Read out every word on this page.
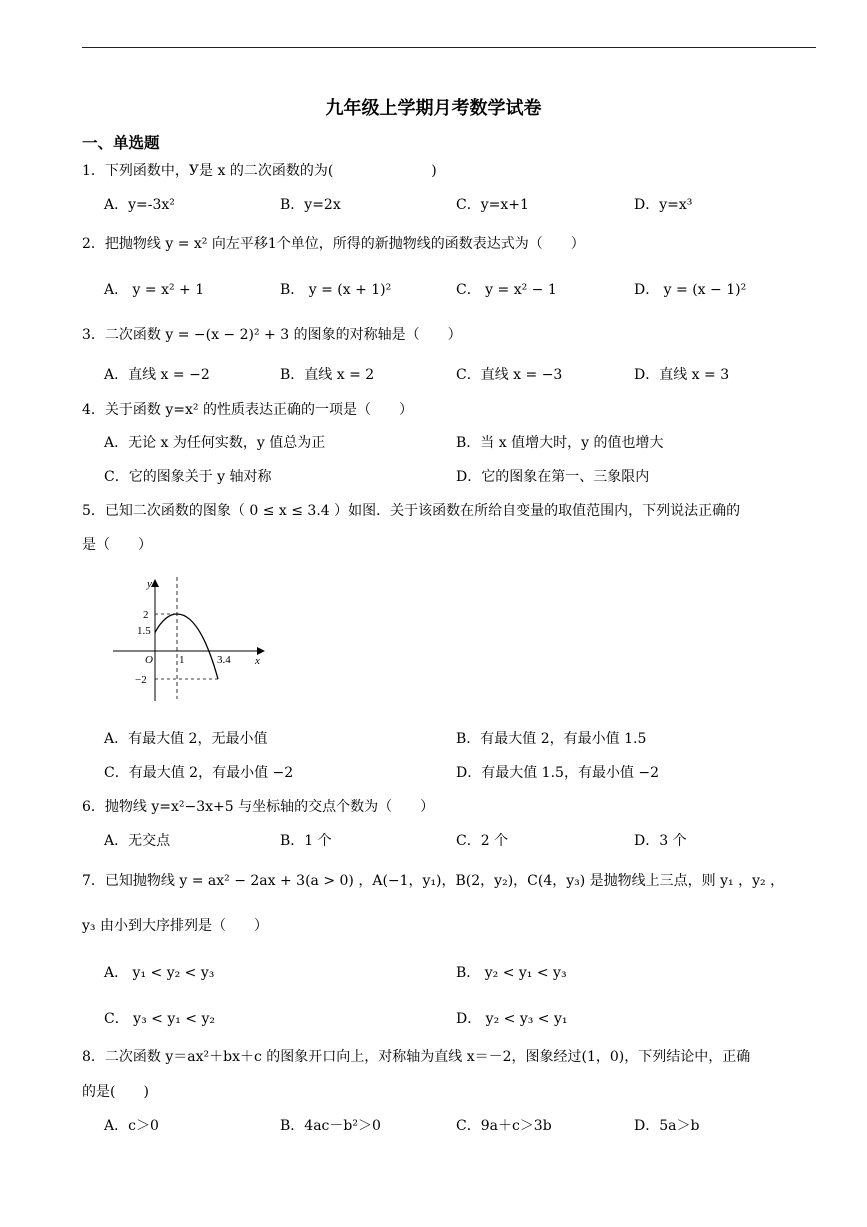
九年级上学期月考数学试卷
一、单选题
1．下列函数中，У是 x 的二次函数的为(　　　　　　　)
A．y=-3x²	B．y=2x	C．y=x+1	D．y=x³
2．把抛物线 y = x² 向左平移1个单位，所得的新抛物线的函数表达式为（　　）
A． y = x² + 1	B． y = (x + 1)²	C． y = x² − 1	D． y = (x − 1)²
3．二次函数 y = −(x − 2)² + 3 的图象的对称轴是（　　）
A．直线 x = −2	B．直线 x = 2	C．直线 x = −3	D．直线 x = 3
4．关于函数 y=x² 的性质表达正确的一项是（　　）
A．无论 x 为任何实数，y 值总为正	B．当 x 值增大时，y 的值也增大
C．它的图象关于 y 轴对称	D．它的图象在第一、三象限内
5．已知二次函数的图象（ 0 ≤ x ≤ 3.4 ）如图．关于该函数在所给自变量的取值范围内，下列说法正确的
是（　　）
y
x
O
2
1.5
1	3.4
−2
A．有最大值 2，无最小值	B．有最大值 2，有最小值 1.5
C．有最大值 2，有最小值 −2	D．有最大值 1.5，有最小值 −2
6．抛物线 y=x²−3x+5 与坐标轴的交点个数为（　　）
A．无交点	B．1 个	C．2 个	D．3 个
7．已知抛物线 y = ax² − 2ax + 3(a > 0) ，A(−1，y₁)，B(2，y₂)，C(4，y₃) 是抛物线上三点，则 y₁ ，y₂ ，
y₃ 由小到大序排列是（　　）
A． y₁ < y₂ < y₃	B． y₂ < y₁ < y₃
C． y₃ < y₁ < y₂	D． y₂ < y₃ < y₁
8．二次函数 y＝ax²＋bx＋c 的图象开口向上，对称轴为直线 x＝－2，图象经过(1，0)，下列结论中，正确
的是(　　)
A．c＞0	B．4ac－b²＞0	C．9a＋c＞3b	D．5a＞b
